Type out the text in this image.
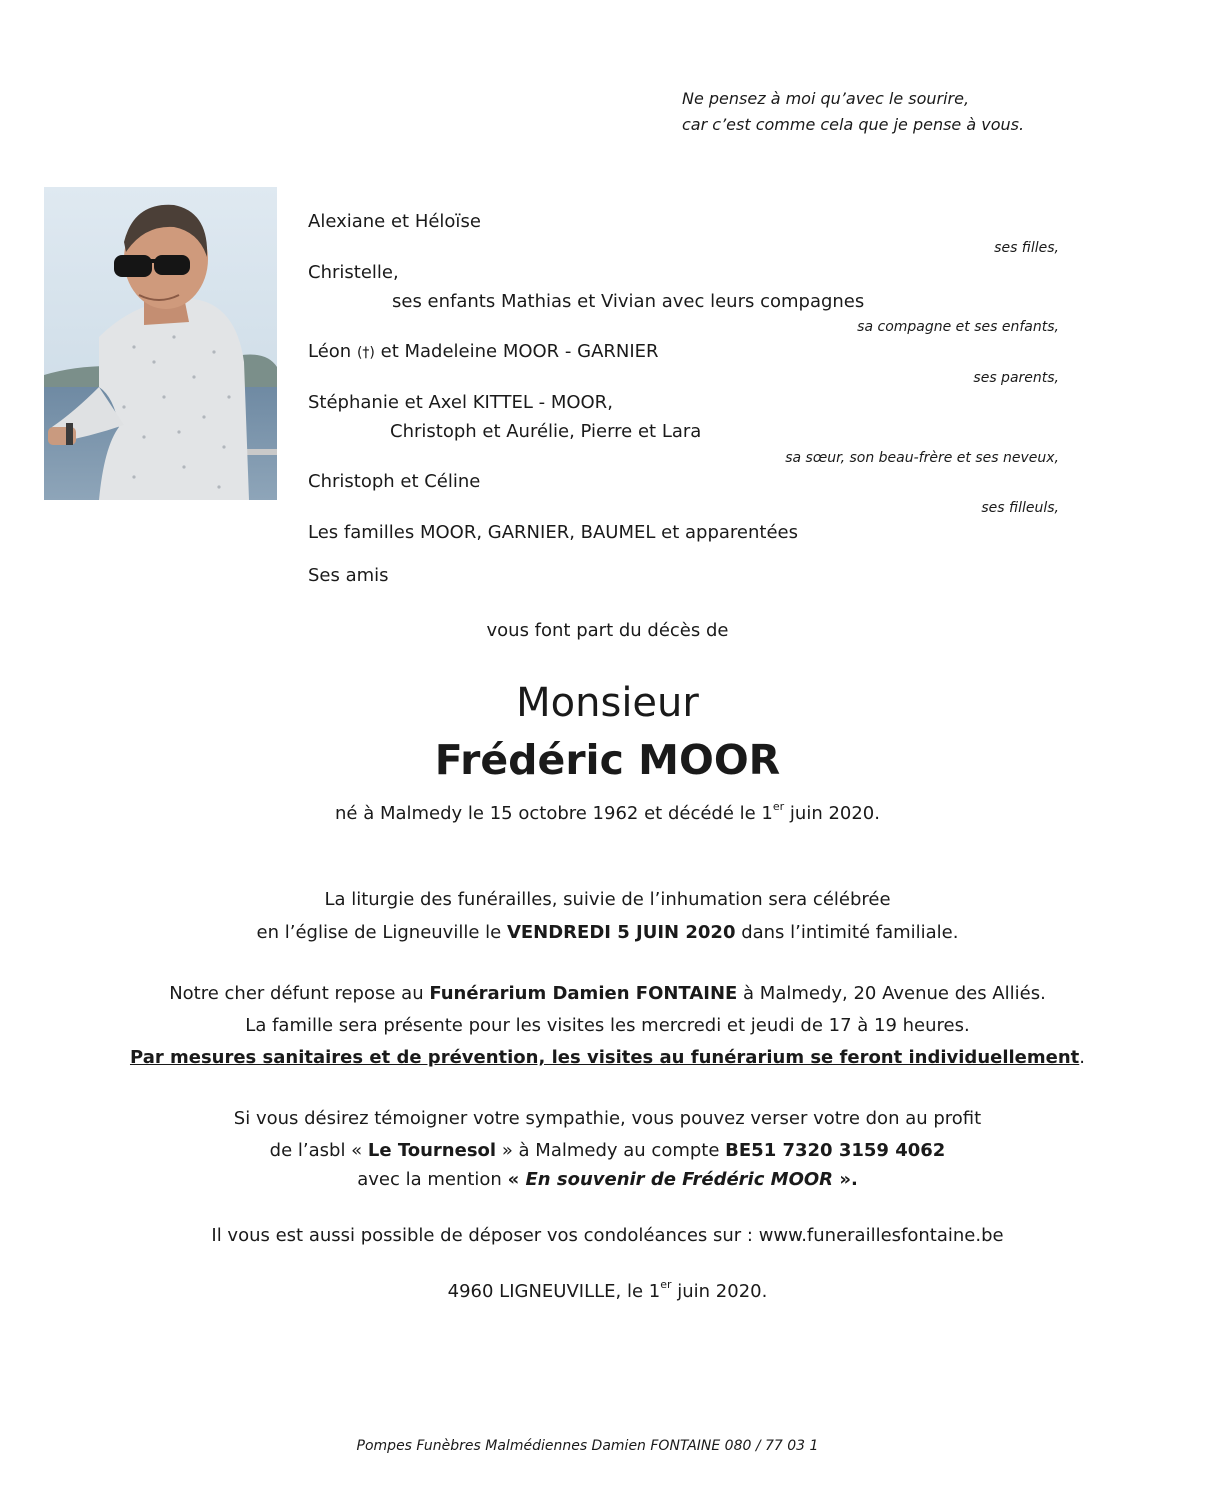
Ne pensez à moi qu’avec le sourire,
car c’est comme cela que je pense à vous.
Alexiane et Héloïse
ses filles,
Christelle,
ses enfants Mathias et Vivian avec leurs compagnes
sa compagne et ses enfants,
Léon (†) et Madeleine MOOR - GARNIER
ses parents,
Stéphanie et Axel KITTEL - MOOR,
Christoph et Aurélie, Pierre et Lara
sa sœur, son beau-frère et ses neveux,
Christoph et Céline
ses filleuls,
Les familles MOOR, GARNIER, BAUMEL et apparentées
Ses amis
vous font part du décès de
Monsieur
Frédéric MOOR
né à Malmedy le 15 octobre 1962 et décédé le 1er juin 2020.
La liturgie des funérailles, suivie de l’inhumation sera célébrée
en l’église de Ligneuville le VENDREDI 5 JUIN 2020 dans l’intimité familiale.
Notre cher défunt repose au Funérarium Damien FONTAINE à Malmedy, 20 Avenue des Alliés.
La famille sera présente pour les visites les mercredi et jeudi de 17 à 19 heures.
Par mesures sanitaires et de prévention, les visites au funérarium se feront individuellement.
Si vous désirez témoigner votre sympathie, vous pouvez verser votre don au profit
de l’asbl « Le Tournesol » à Malmedy au compte BE51 7320 3159 4062
avec la mention « En souvenir de Frédéric MOOR ».
Il vous est aussi possible de déposer vos condoléances sur : www.funeraillesfontaine.be
4960 LIGNEUVILLE, le 1er juin 2020.
Pompes Funèbres Malmédiennes Damien FONTAINE 080 / 77 03 1
